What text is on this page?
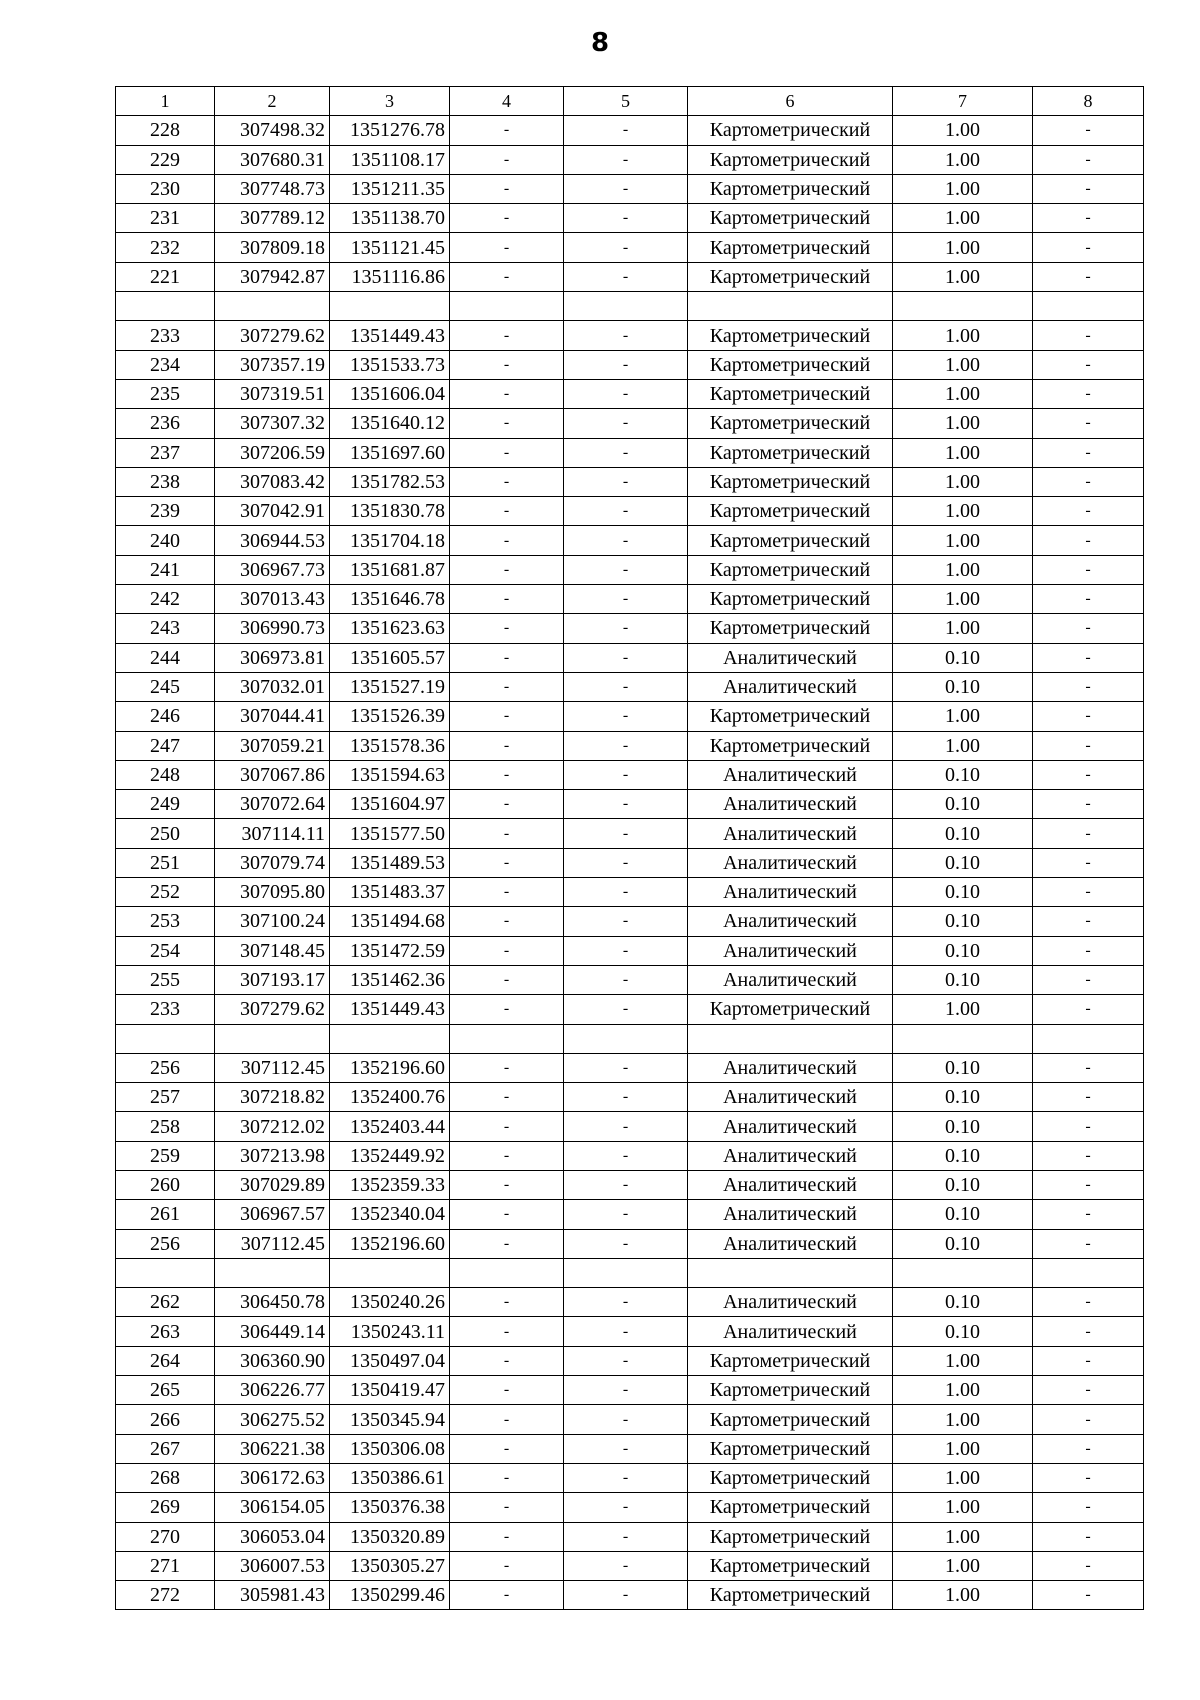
8
1	2	3	4	5	6	7	8
228	307498.32	1351276.78	-	-	Картометрический	1.00	-
229	307680.31	1351108.17	-	-	Картометрический	1.00	-
230	307748.73	1351211.35	-	-	Картометрический	1.00	-
231	307789.12	1351138.70	-	-	Картометрический	1.00	-
232	307809.18	1351121.45	-	-	Картометрический	1.00	-
221	307942.87	1351116.86	-	-	Картометрический	1.00	-

233	307279.62	1351449.43	-	-	Картометрический	1.00	-
234	307357.19	1351533.73	-	-	Картометрический	1.00	-
235	307319.51	1351606.04	-	-	Картометрический	1.00	-
236	307307.32	1351640.12	-	-	Картометрический	1.00	-
237	307206.59	1351697.60	-	-	Картометрический	1.00	-
238	307083.42	1351782.53	-	-	Картометрический	1.00	-
239	307042.91	1351830.78	-	-	Картометрический	1.00	-
240	306944.53	1351704.18	-	-	Картометрический	1.00	-
241	306967.73	1351681.87	-	-	Картометрический	1.00	-
242	307013.43	1351646.78	-	-	Картометрический	1.00	-
243	306990.73	1351623.63	-	-	Картометрический	1.00	-
244	306973.81	1351605.57	-	-	Аналитический	0.10	-
245	307032.01	1351527.19	-	-	Аналитический	0.10	-
246	307044.41	1351526.39	-	-	Картометрический	1.00	-
247	307059.21	1351578.36	-	-	Картометрический	1.00	-
248	307067.86	1351594.63	-	-	Аналитический	0.10	-
249	307072.64	1351604.97	-	-	Аналитический	0.10	-
250	307114.11	1351577.50	-	-	Аналитический	0.10	-
251	307079.74	1351489.53	-	-	Аналитический	0.10	-
252	307095.80	1351483.37	-	-	Аналитический	0.10	-
253	307100.24	1351494.68	-	-	Аналитический	0.10	-
254	307148.45	1351472.59	-	-	Аналитический	0.10	-
255	307193.17	1351462.36	-	-	Аналитический	0.10	-
233	307279.62	1351449.43	-	-	Картометрический	1.00	-

256	307112.45	1352196.60	-	-	Аналитический	0.10	-
257	307218.82	1352400.76	-	-	Аналитический	0.10	-
258	307212.02	1352403.44	-	-	Аналитический	0.10	-
259	307213.98	1352449.92	-	-	Аналитический	0.10	-
260	307029.89	1352359.33	-	-	Аналитический	0.10	-
261	306967.57	1352340.04	-	-	Аналитический	0.10	-
256	307112.45	1352196.60	-	-	Аналитический	0.10	-

262	306450.78	1350240.26	-	-	Аналитический	0.10	-
263	306449.14	1350243.11	-	-	Аналитический	0.10	-
264	306360.90	1350497.04	-	-	Картометрический	1.00	-
265	306226.77	1350419.47	-	-	Картометрический	1.00	-
266	306275.52	1350345.94	-	-	Картометрический	1.00	-
267	306221.38	1350306.08	-	-	Картометрический	1.00	-
268	306172.63	1350386.61	-	-	Картометрический	1.00	-
269	306154.05	1350376.38	-	-	Картометрический	1.00	-
270	306053.04	1350320.89	-	-	Картометрический	1.00	-
271	306007.53	1350305.27	-	-	Картометрический	1.00	-
272	305981.43	1350299.46	-	-	Картометрический	1.00	-
